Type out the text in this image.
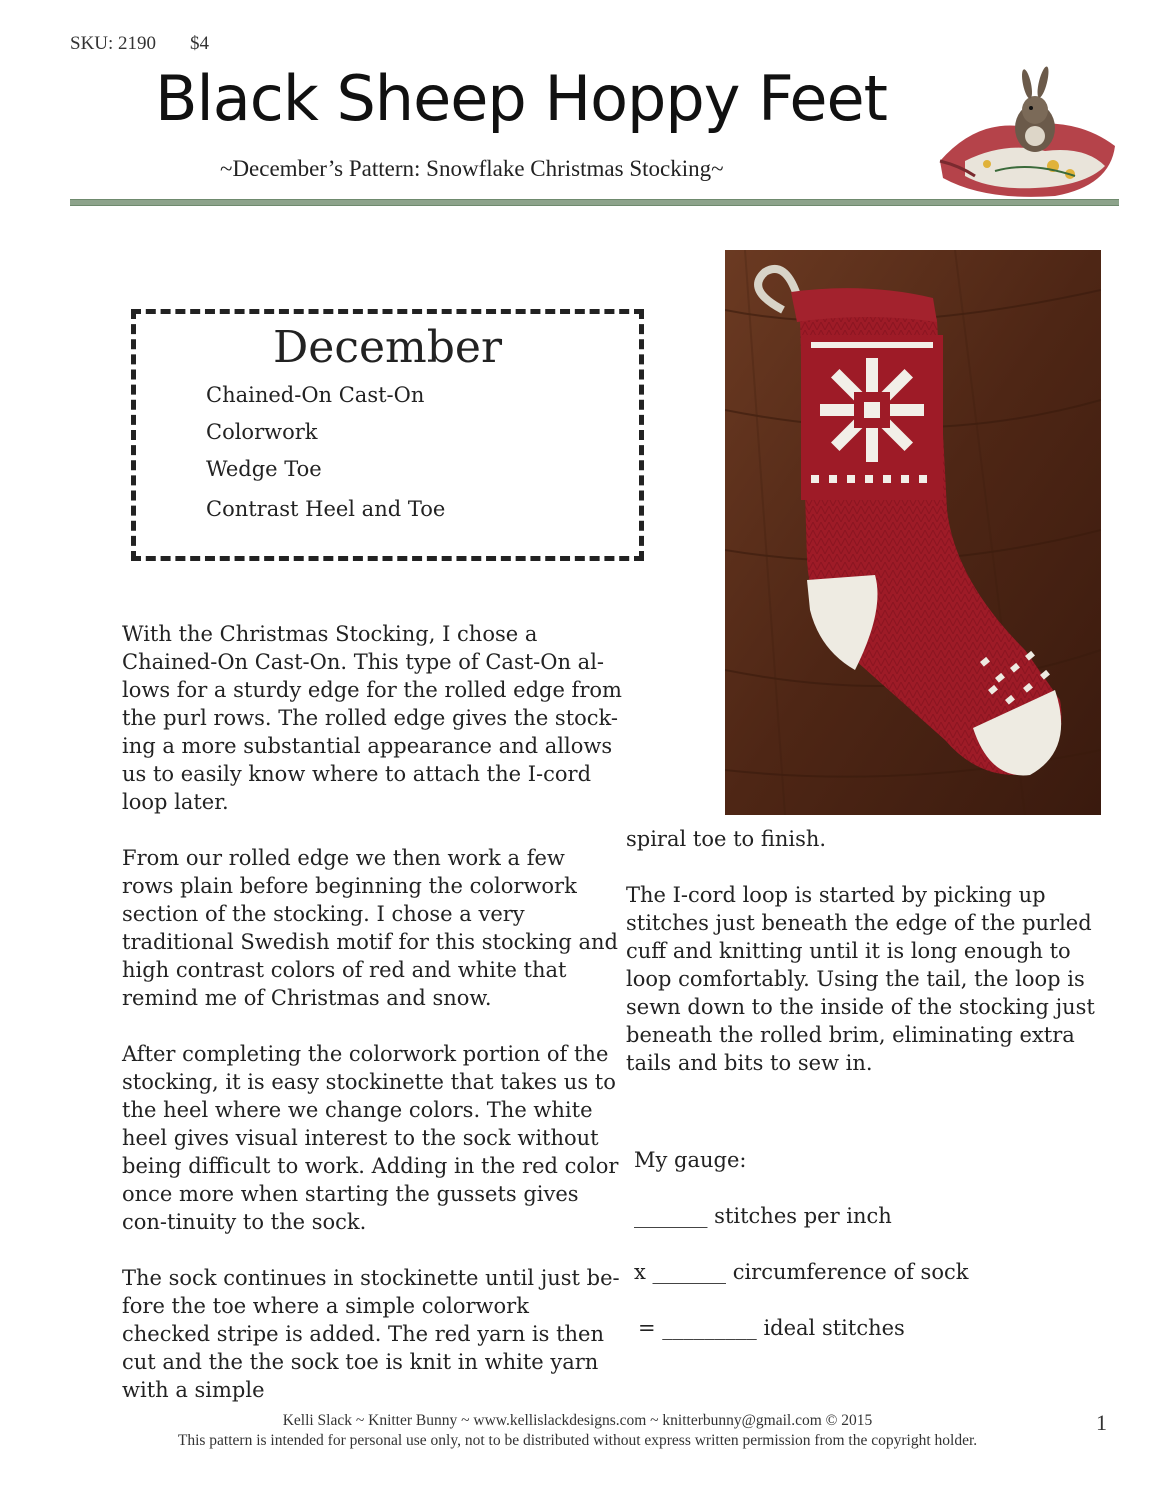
SKU: 2190 $4
Black Sheep Hoppy Feet
~December’s Pattern: Snowflake Christmas Stocking~
December
Chained-On Cast-On
Colorwork
Wedge Toe
Contrast Heel and Toe

With the Christmas Stocking, I chose a Chained-On Cast-On. This type of Cast-On al-lows for a sturdy edge for the rolled edge from the purl rows. The rolled edge gives the stock-ing a more substantial appearance and allows us to easily know where to attach the I-cord loop later.

From our rolled edge we then work a few rows plain before beginning the colorwork section of the stocking. I chose a very traditional Swedish motif for this stocking and high contrast colors of red and white that remind me of Christmas and snow.

After completing the colorwork portion of the stocking, it is easy stockinette that takes us to the heel where we change colors. The white heel gives visual interest to the sock without being difficult to work. Adding in the red color once more when starting the gussets gives con-tinuity to the sock.

The sock continues in stockinette until just be-fore the toe where a simple colorwork checked stripe is added. The red yarn is then cut and the the sock toe is knit in white yarn with a simple

spiral toe to finish.

The I-cord loop is started by picking up stitches just beneath the edge of the purled cuff and knitting until it is long enough to loop comfortably. Using the tail, the loop is sewn down to the inside of the stocking just beneath the rolled brim, eliminating extra tails and bits to sew in.

My gauge:
_______ stitches per inch
x _______ circumference of sock
= _________ ideal stitches
Kelli Slack ~ Knitter Bunny ~ www.kellislackdesigns.com ~ knitterbunny@gmail.com © 2015
This pattern is intended for personal use only, not to be distributed without express written permission from the copyright holder.
1
